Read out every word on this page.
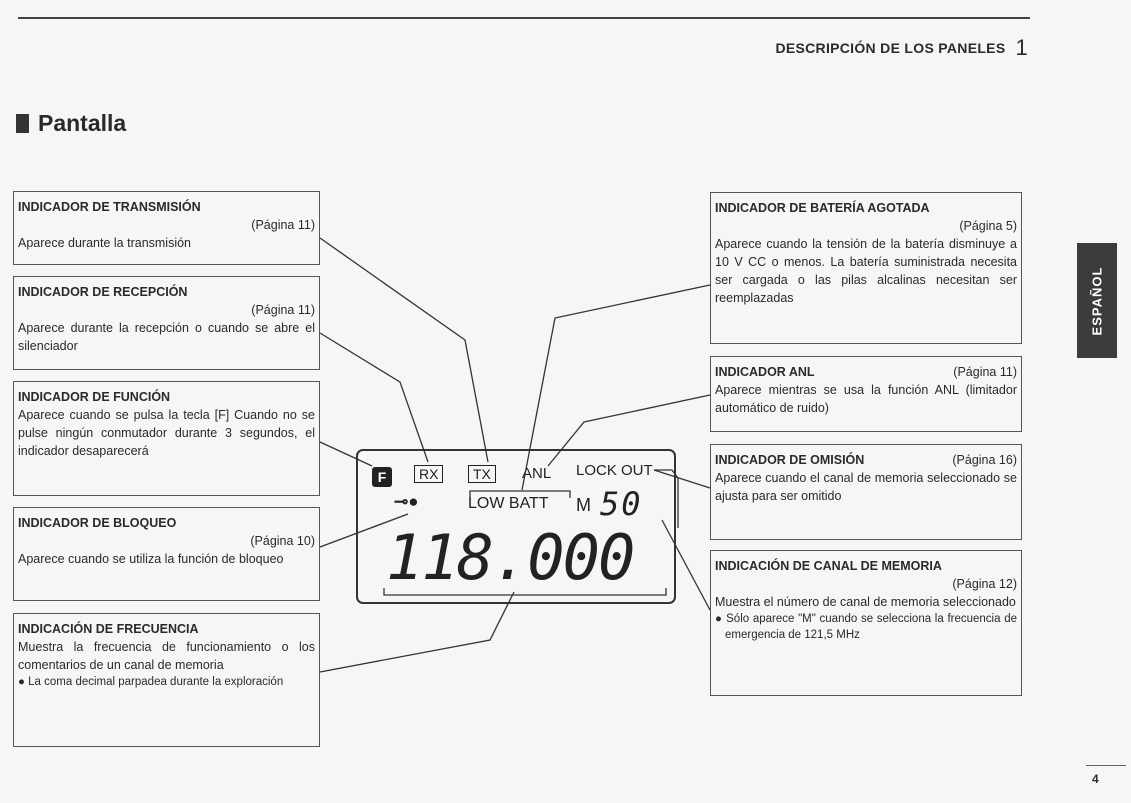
DESCRIPCIÓN DE LOS PANELES 1
Pantalla
ESPAÑOL
INDICADOR DE TRANSMISIÓN
(Página 11)
Aparece durante la transmisión
INDICADOR DE RECEPCIÓN
(Página 11)
Aparece durante la recepción o cuando se abre el silenciador
INDICADOR DE FUNCIÓN
Aparece cuando se pulsa la tecla [F] Cuando no se pulse ningún conmutador durante 3 segundos, el indicador desaparecerá
INDICADOR DE BLOQUEO
(Página 10)
Aparece cuando se utiliza la función de bloqueo
INDICACIÓN DE FRECUENCIA
Muestra la frecuencia de funcionamiento o los comentarios de un canal de memoria
● La coma decimal parpadea durante la exploración
INDICADOR DE BATERÍA AGOTADA
(Página 5)
Aparece cuando la tensión de la batería disminuye a 10 V CC o menos. La batería suministrada necesita ser cargada o las pilas alcalinas necesitan ser reemplazadas
INDICADOR ANL	(Página 11)
Aparece mientras se usa la función ANL (limitador automático de ruido)
INDICADOR DE OMISIÓN	(Página 16)
Aparece cuando el canal de memoria seleccionado se ajusta para ser omitido
INDICACIÓN DE CANAL DE MEMORIA
(Página 12)
Muestra el número de canal de memoria seleccionado
● Sólo aparece "M" cuando se selecciona la frecuencia de emergencia de 121,5 MHz
F	RX	TX	ANL LOCK OUT
⊸●	LOW BATT M 50
118.000
4
